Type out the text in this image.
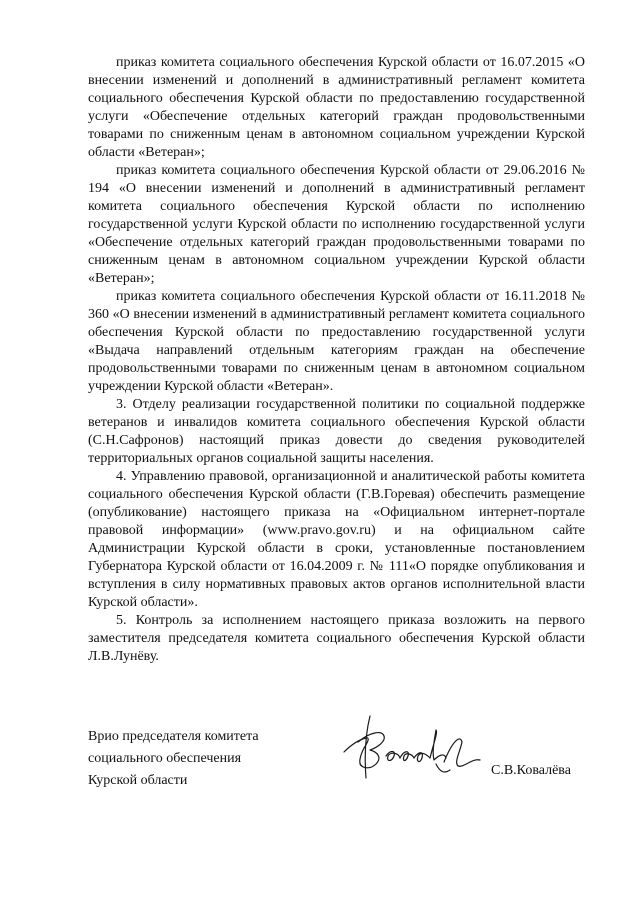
приказ комитета социального обеспечения Курской области от 16.07.2015 «О внесении изменений и дополнений в административный регламент комитета социального обеспечения Курской области по предоставлению государственной услуги «Обеспечение отдельных категорий граждан продовольственными товарами по сниженным ценам в автономном социальном учреждении Курской области «Ветеран»;

приказ комитета социального обеспечения Курской области от 29.06.2016 № 194 «О внесении изменений и дополнений в административный регламент комитета социального обеспечения Курской области по исполнению государственной услуги Курской области по исполнению государственной услуги «Обеспечение отдельных категорий граждан продовольственными товарами по сниженным ценам в автономном социальном учреждении Курской области «Ветеран»;

приказ комитета социального обеспечения Курской области от 16.11.2018 № 360 «О внесении изменений в административный регламент комитета социального обеспечения Курской области по предоставлению государственной услуги «Выдача направлений отдельным категориям граждан на обеспечение продовольственными товарами по сниженным ценам в автономном социальном учреждении Курской области «Ветеран».

3. Отделу реализации государственной политики по социальной поддержке ветеранов и инвалидов комитета социального обеспечения Курской области (С.Н.Сафронов) настоящий приказ довести до сведения руководителей территориальных органов социальной защиты населения.

4. Управлению правовой, организационной и аналитической работы комитета социального обеспечения Курской области (Г.В.Горевая) обеспечить размещение (опубликование) настоящего приказа на «Официальном интернет-портале правовой информации» (www.pravo.gov.ru) и на официальном сайте Администрации Курской области в сроки, установленные постановлением Губернатора Курской области от 16.04.2009 г. № 111«О порядке опубликования и вступления в силу нормативных правовых актов органов исполнительной власти Курской области».

5. Контроль за исполнением настоящего приказа возложить на первого заместителя председателя комитета социального обеспечения Курской области Л.В.Лунёву.

Врио председателя комитета
социального обеспечения
Курской области
С.В.Ковалёва
